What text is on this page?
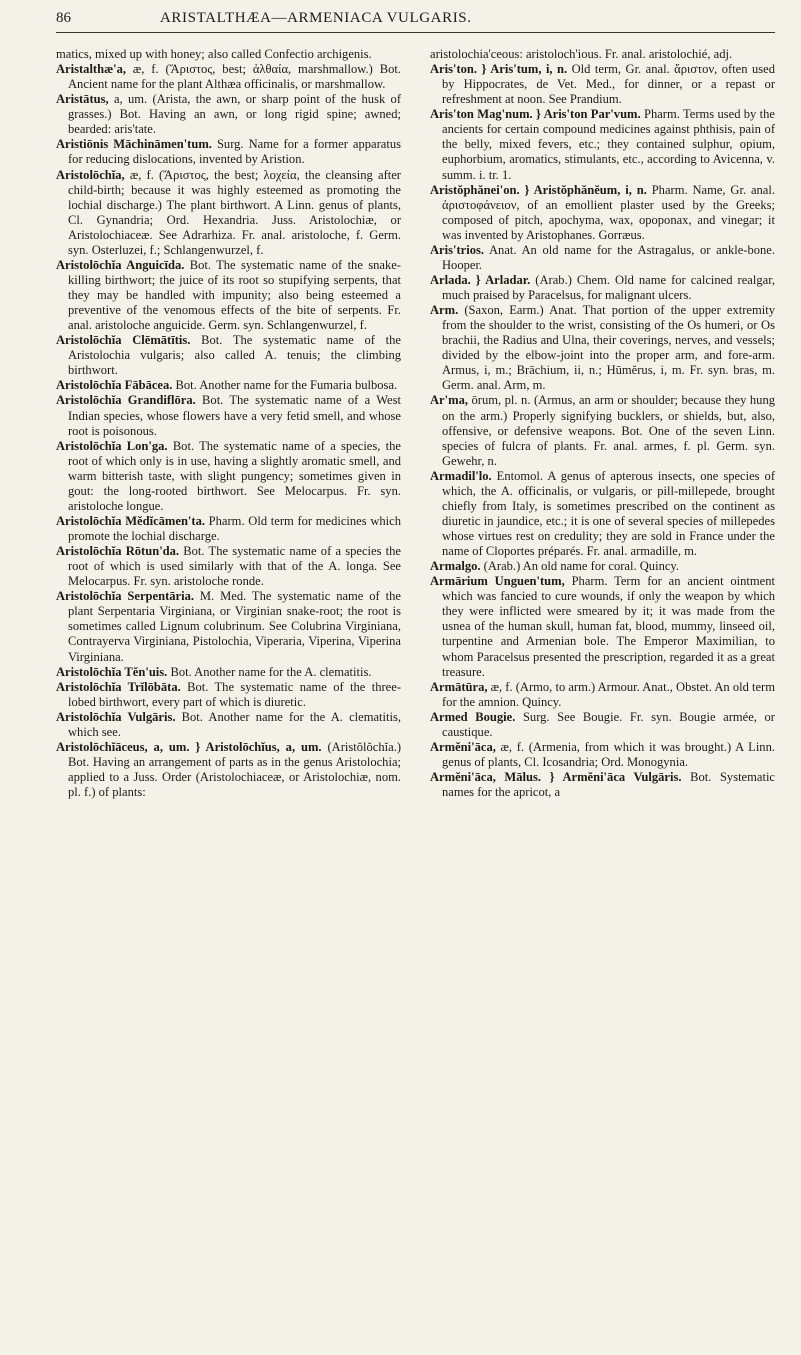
86	ARISTALTHÆA—ARMENIACA VULGARIS.

matics, mixed up with honey; also called Confectio archigenis.

Aristalthæ'a, æ, f. (Ἄριστος, best; ἀλθαία, marshmallow.) Bot. Ancient name for the plant Althæa officinalis, or marshmallow.

Aristātus, a, um. (Arista, the awn, or sharp point of the husk of grasses.) Bot. Having an awn, or long rigid spine; awned; bearded: aris'tate.

Aristiōnis Māchināmen'tum. Surg. Name for a former apparatus for reducing dislocations, invented by Aristion.

Aristolōchĭa, æ, f. (Ἄριστος, the best; λοχεία, the cleansing after child-birth; because it was highly esteemed as promoting the lochial discharge.) The plant birthwort. A Linn. genus of plants, Cl. Gynandria; Ord. Hexandria. Juss. Aristolochiæ, or Aristolochiaceæ. See Adrarhiza. Fr. anal. aristoloche, f. Germ. syn. Osterluzei, f.; Schlangenwurzel, f.

Aristolōchĭa Anguicīda. Bot. The systematic name of the snake-killing birthwort; the juice of its root so stupifying serpents, that they may be handled with impunity; also being esteemed a preventive of the venomous effects of the bite of serpents. Fr. anal. aristoloche anguicide. Germ. syn. Schlangenwurzel, f.

Aristolōchĭa Clēmātītis. Bot. The systematic name of the Aristolochia vulgaris; also called A. tenuis; the climbing birthwort.

Aristolōchĭa Fābācea. Bot. Another name for the Fumaria bulbosa.

Aristolōchĭa Grandiflōra. Bot. The systematic name of a West Indian species, whose flowers have a very fetid smell, and whose root is poisonous.

Aristolōchĭa Lon'ga. Bot. The systematic name of a species, the root of which only is in use, having a slightly aromatic smell, and warm bitterish taste, with slight pungency; sometimes given in gout: the long-rooted birthwort. See Melocarpus. Fr. syn. aristoloche longue.

Aristolōchĭa Mĕdĭcāmen'ta. Pharm. Old term for medicines which promote the lochial discharge.

Aristolōchĭa Rōtun'da. Bot. The systematic name of a species the root of which is used similarly with that of the A. longa. See Melocarpus. Fr. syn. aristoloche ronde.

Aristolōchĭa Serpentāria. M. Med. The systematic name of the plant Serpentaria Virginiana, or Virginian snake-root; the root is sometimes called Lignum colubrinum. See Colubrina Virginiana, Contrayerva Virginiana, Pistolochia, Viperaria, Viperina, Viperina Virginiana.

Aristolōchĭa Tĕn'uis. Bot. Another name for the A. clematitis.

Aristolōchĭa Trĭlōbāta. Bot. The systematic name of the three-lobed birthwort, every part of which is diuretic.

Aristolōchĭa Vulgāris. Bot. Another name for the A. clematitis, which see.

Aristolōchĭāceus, a, um. } Aristolōchĭus, a, um. (Aristŏlŏchĭa.) Bot. Having an arrangement of parts as in the genus Aristolochia; applied to a Juss. Order (Aristolochiaceæ, or Aristolochiæ, nom. pl. f.) of plants:

aristolochia'ceous: aristoloch'ious. Fr. anal. aristolochié, adj.

Aris'ton. } Aris'tum, i, n. Old term, Gr. anal. ἄριστον, often used by Hippocrates, de Vet. Med., for dinner, or a repast or refreshment at noon. See Prandium.

Aris'ton Mag'num. } Aris'ton Par'vum. Pharm. Terms used by the ancients for certain compound medicines against phthisis, pain of the belly, mixed fevers, etc.; they contained sulphur, opium, euphorbium, aromatics, stimulants, etc., according to Avicenna, v. summ. i. tr. 1.

Aristŏphănei'on. } Aristŏphănĕum, i, n. Pharm. Name, Gr. anal. ἀριστοφάνειον, of an emollient plaster used by the Greeks; composed of pitch, apochyma, wax, opoponax, and vinegar; it was invented by Aristophanes. Gorræus.

Aris'trios. Anat. An old name for the Astragalus, or ankle-bone. Hooper.

Arlada. } Arladar. (Arab.) Chem. Old name for calcined realgar, much praised by Paracelsus, for malignant ulcers.

Arm. (Saxon, Earm.) Anat. That portion of the upper extremity from the shoulder to the wrist, consisting of the Os humeri, or Os brachii, the Radius and Ulna, their coverings, nerves, and vessels; divided by the elbow-joint into the proper arm, and fore-arm. Armus, i, m.; Brāchium, ii, n.; Hūmĕrus, i, m. Fr. syn. bras, m. Germ. anal. Arm, m.

Ar'ma, ōrum, pl. n. (Armus, an arm or shoulder; because they hung on the arm.) Properly signifying bucklers, or shields, but, also, offensive, or defensive weapons. Bot. One of the seven Linn. species of fulcra of plants. Fr. anal. armes, f. pl. Germ. syn. Gewehr, n.

Armadil'lo. Entomol. A genus of apterous insects, one species of which, the A. officinalis, or vulgaris, or pill-millepede, brought chiefly from Italy, is sometimes prescribed on the continent as diuretic in jaundice, etc.; it is one of several species of millepedes whose virtues rest on credulity; they are sold in France under the name of Cloportes préparés. Fr. anal. armadille, m.

Armalgo. (Arab.) An old name for coral. Quincy.

Armārium Unguen'tum, Pharm. Term for an ancient ointment which was fancied to cure wounds, if only the weapon by which they were inflicted were smeared by it; it was made from the usnea of the human skull, human fat, blood, mummy, linseed oil, turpentine and Armenian bole. The Emperor Maximilian, to whom Paracelsus presented the prescription, regarded it as a great treasure.

Armātūra, æ, f. (Armo, to arm.) Armour. Anat., Obstet. An old term for the amnion. Quincy.

Armed Bougie. Surg. See Bougie. Fr. syn. Bougie armée, or caustique.

Armĕni'āca, æ, f. (Armenia, from which it was brought.) A Linn. genus of plants, Cl. Icosandria; Ord. Monogynia.

Armĕni'āca, Mālus. } Armĕni'āca Vulgāris. Bot. Systematic names for the apricot, a
